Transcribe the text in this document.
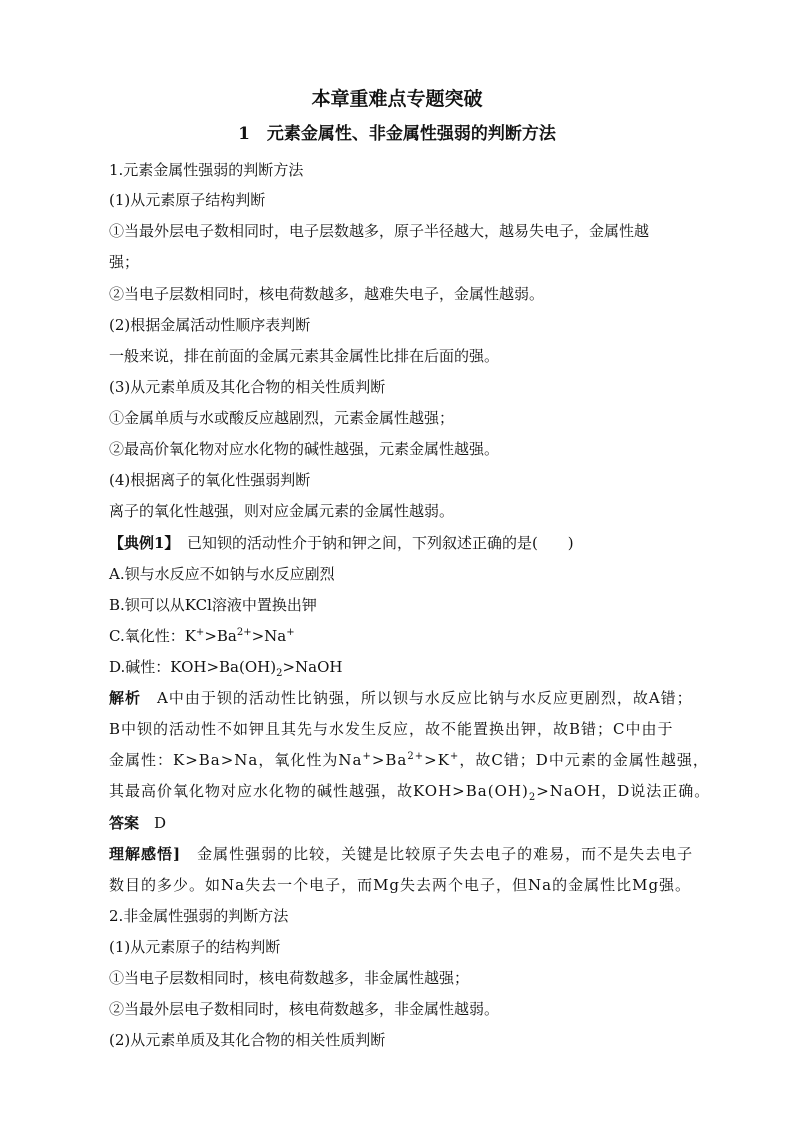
本章重难点专题突破
1　元素金属性、非金属性强弱的判断方法
1.元素金属性强弱的判断方法
(1)从元素原子结构判断
①当最外层电子数相同时，电子层数越多，原子半径越大，越易失电子，金属性越
强；
②当电子层数相同时，核电荷数越多，越难失电子，金属性越弱。
(2)根据金属活动性顺序表判断
一般来说，排在前面的金属元素其金属性比排在后面的强。
(3)从元素单质及其化合物的相关性质判断
①金属单质与水或酸反应越剧烈，元素金属性越强；
②最高价氧化物对应水化物的碱性越强，元素金属性越强。
(4)根据离子的氧化性强弱判断
离子的氧化性越强，则对应金属元素的金属性越弱。
【典例1】　已知钡的活动性介于钠和钾之间，下列叙述正确的是(　　)
A.钡与水反应不如钠与水反应剧烈
B.钡可以从KCl溶液中置换出钾
C.氧化性：$K^+>Ba^{2+}>Na^+$
D.碱性：$KOH>Ba(OH)_2>NaOH$
解析　A中由于钡的活动性比钠强，所以钡与水反应比钠与水反应更剧烈，故A错；
B中钡的活动性不如钾且其先与水发生反应，故不能置换出钾，故B错；C中由于
金属性：K>Ba>Na，氧化性为$Na^+>Ba^{2+}>K^+$，故C错；D中元素的金属性越强，
其最高价氧化物对应水化物的碱性越强，故$KOH>Ba(OH)_2>NaOH$，D说法正确。
答案　D
理解感悟]　金属性强弱的比较，关键是比较原子失去电子的难易，而不是失去电子
数目的多少。如Na失去一个电子，而Mg失去两个电子，但Na的金属性比Mg强。
2.非金属性强弱的判断方法
(1)从元素原子的结构判断
①当电子层数相同时，核电荷数越多，非金属性越强；
②当最外层电子数相同时，核电荷数越多，非金属性越弱。
(2)从元素单质及其化合物的相关性质判断
